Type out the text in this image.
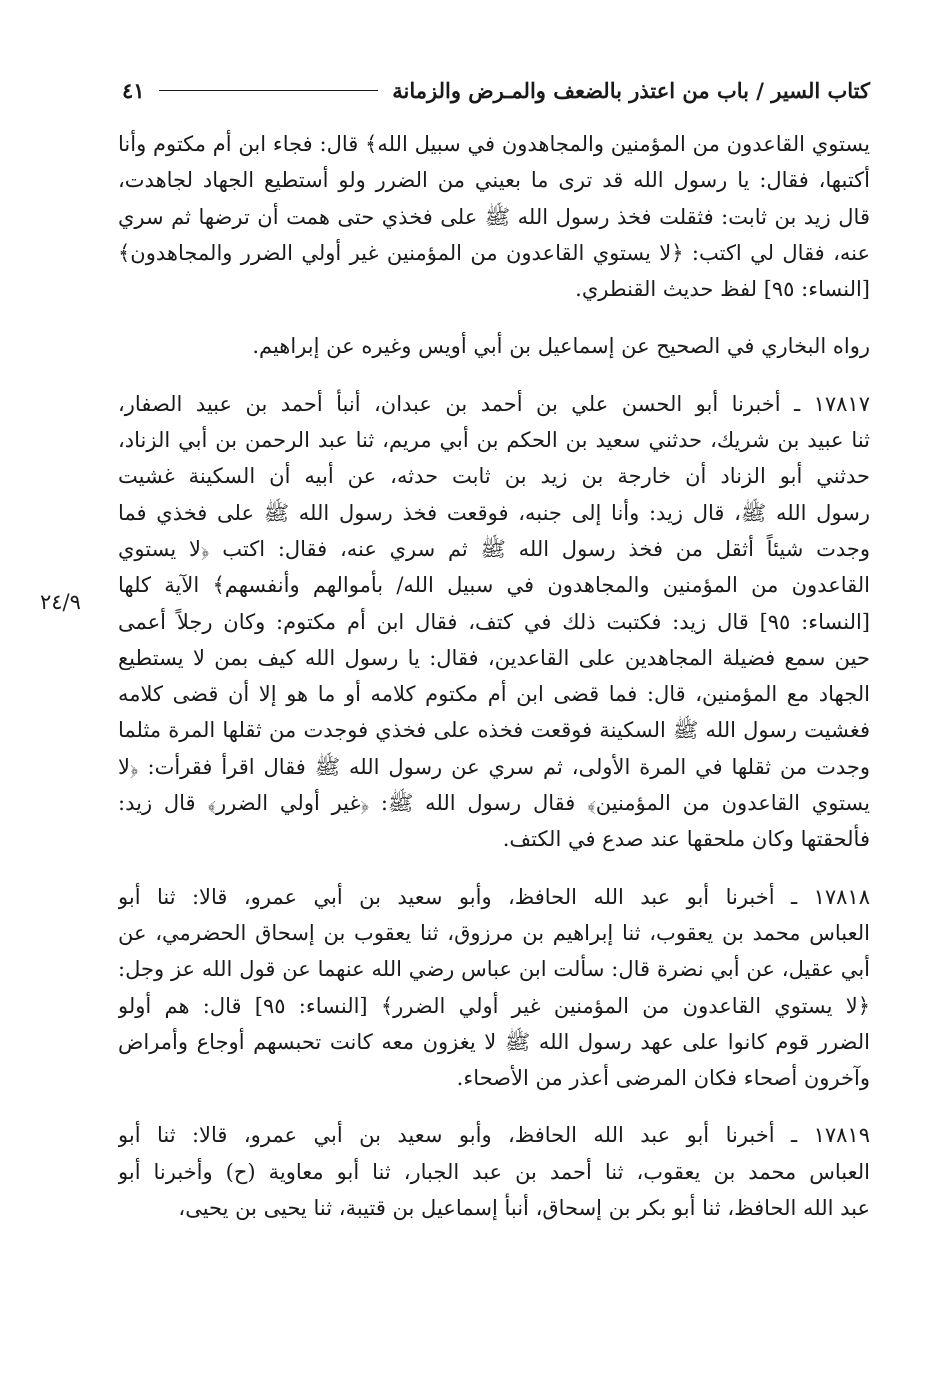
كتاب السير / باب من اعتذر بالضعف والمـرض والزمانة
٤١
٢٤/٩
يستوي القاعدون من المؤمنين والمجاهدون في سبيل الله﴾ قال: فجاء ابن أم مكتوم وأنا
أكتبها، فقال: يا رسول الله قد ترى ما بعيني من الضرر ولو أستطيع الجهاد لجاهدت،
قال زيد بن ثابت: فثقلت فخذ رسول الله ﷺ على فخذي حتى همت أن ترضها ثم سري
عنه، فقال لي اكتب: ﴿لا يستوي القاعدون من المؤمنين غير أولي الضرر والمجاهدون﴾
[النساء: ٩٥] لفظ حديث القنطري.
رواه البخاري في الصحيح عن إسماعيل بن أبي أويس وغيره عن إبراهيم.
١٧٨١٧ ـ أخبرنا أبو الحسن علي بن أحمد بن عبدان، أنبأ أحمد بن عبيد الصفار،
ثنا عبيد بن شريك، حدثني سعيد بن الحكم بن أبي مريم، ثنا عبد الرحمن بن أبي الزناد،
حدثني أبو الزناد أن خارجة بن زيد بن ثابت حدثه، عن أبيه أن السكينة غشيت
رسول الله ﷺ، قال زيد: وأنا إلى جنبه، فوقعت فخذ رسول الله ﷺ على فخذي فما
وجدت شيئاً أثقل من فخذ رسول الله ﷺ ثم سري عنه، فقال: اكتب ﴿لا يستوي
القاعدون من المؤمنين والمجاهدون في سبيل الله/ بأموالهم وأنفسهم﴾ الآية كلها
[النساء: ٩٥] قال زيد: فكتبت ذلك في كتف، فقال ابن أم مكتوم: وكان رجلاً أعمى
حين سمع فضيلة المجاهدين على القاعدين، فقال: يا رسول الله كيف بمن لا يستطيع
الجهاد مع المؤمنين، قال: فما قضى ابن أم مكتوم كلامه أو ما هو إلا أن قضى كلامه
فغشيت رسول الله ﷺ السكينة فوقعت فخذه على فخذي فوجدت من ثقلها المرة مثلما
وجدت من ثقلها في المرة الأولى، ثم سري عن رسول الله ﷺ فقال اقرأ فقرأت: ﴿لا
يستوي القاعدون من المؤمنين﴾ فقال رسول الله ﷺ: ﴿غير أولي الضرر﴾ قال زيد:
فألحقتها وكان ملحقها عند صدع في الكتف.
١٧٨١٨ ـ أخبرنا أبو عبد الله الحافظ، وأبو سعيد بن أبي عمرو، قالا: ثنا أبو
العباس محمد بن يعقوب، ثنا إبراهيم بن مرزوق، ثنا يعقوب بن إسحاق الحضرمي، عن
أبي عقيل، عن أبي نضرة قال: سألت ابن عباس رضي الله عنهما عن قول الله عز وجل:
﴿لا يستوي القاعدون من المؤمنين غير أولي الضرر﴾ [النساء: ٩٥] قال: هم أولو
الضرر قوم كانوا على عهد رسول الله ﷺ لا يغزون معه كانت تحبسهم أوجاع وأمراض
وآخرون أصحاء فكان المرضى أعذر من الأصحاء.
١٧٨١٩ ـ أخبرنا أبو عبد الله الحافظ، وأبو سعيد بن أبي عمرو، قالا: ثنا أبو
العباس محمد بن يعقوب، ثنا أحمد بن عبد الجبار، ثنا أبو معاوية (ح) وأخبرنا أبو
عبد الله الحافظ، ثنا أبو بكر بن إسحاق، أنبأ إسماعيل بن قتيبة، ثنا يحيى بن يحيى،
